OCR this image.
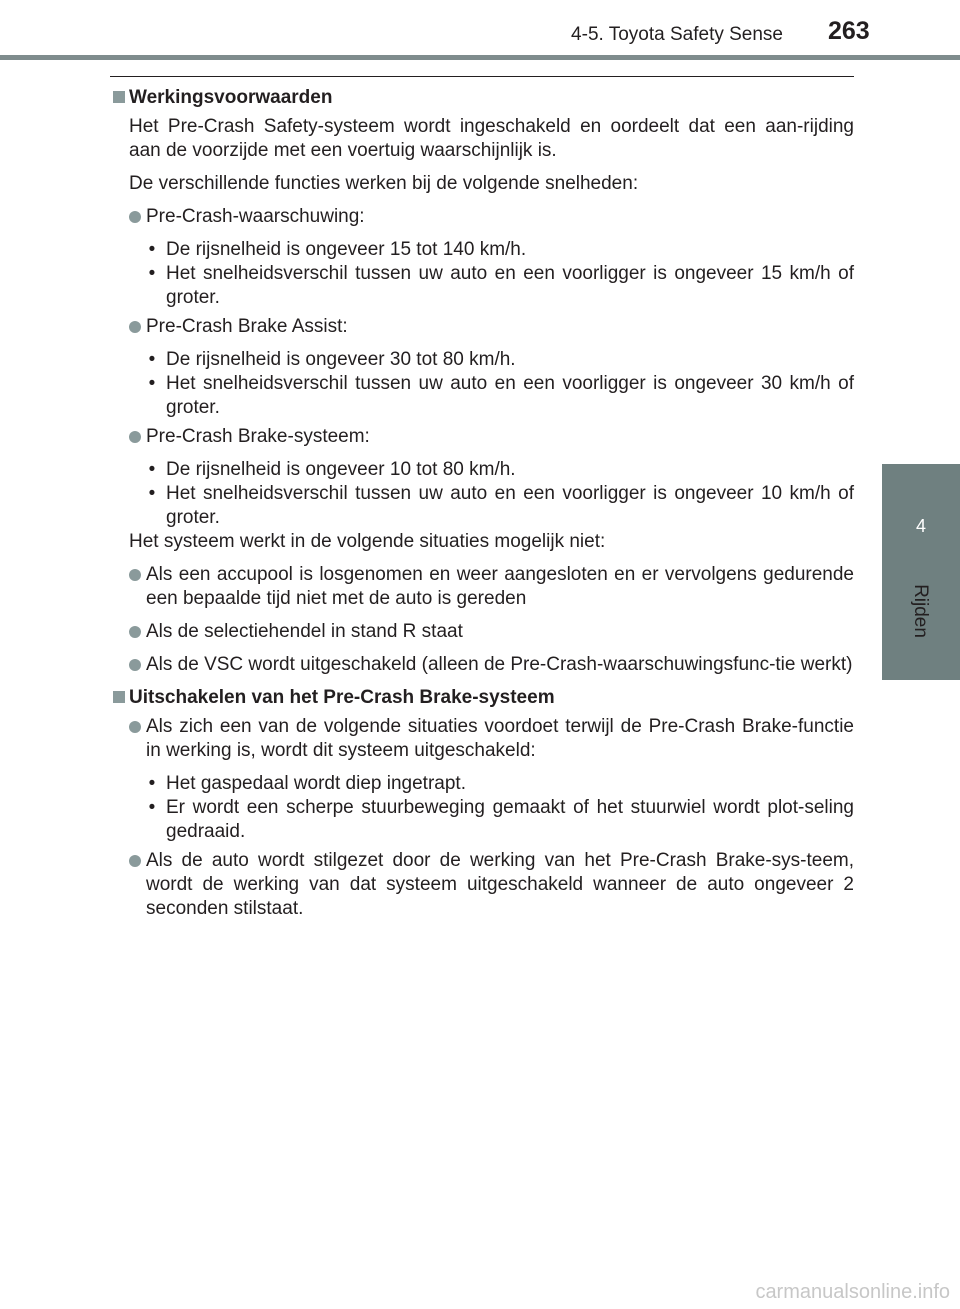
4-5. Toyota Safety Sense 263
4
Rijden
Werkingsvoorwaarden
Het Pre-Crash Safety-systeem wordt ingeschakeld en oordeelt dat een aan-rijding aan de voorzijde met een voertuig waarschijnlijk is.
De verschillende functies werken bij de volgende snelheden:
Pre-Crash-waarschuwing:
• De rijsnelheid is ongeveer 15 tot 140 km/h.
• Het snelheidsverschil tussen uw auto en een voorligger is ongeveer 15 km/h of groter.
Pre-Crash Brake Assist:
• De rijsnelheid is ongeveer 30 tot 80 km/h.
• Het snelheidsverschil tussen uw auto en een voorligger is ongeveer 30 km/h of groter.
Pre-Crash Brake-systeem:
• De rijsnelheid is ongeveer 10 tot 80 km/h.
• Het snelheidsverschil tussen uw auto en een voorligger is ongeveer 10 km/h of groter.
Het systeem werkt in de volgende situaties mogelijk niet:
Als een accupool is losgenomen en weer aangesloten en er vervolgens gedurende een bepaalde tijd niet met de auto is gereden
Als de selectiehendel in stand R staat
Als de VSC wordt uitgeschakeld (alleen de Pre-Crash-waarschuwingsfunc-tie werkt)
Uitschakelen van het Pre-Crash Brake-systeem
Als zich een van de volgende situaties voordoet terwijl de Pre-Crash Brake-functie in werking is, wordt dit systeem uitgeschakeld:
• Het gaspedaal wordt diep ingetrapt.
• Er wordt een scherpe stuurbeweging gemaakt of het stuurwiel wordt plot-seling gedraaid.
Als de auto wordt stilgezet door de werking van het Pre-Crash Brake-sys-teem, wordt de werking van dat systeem uitgeschakeld wanneer de auto ongeveer 2 seconden stilstaat.
carmanualsonline.info
